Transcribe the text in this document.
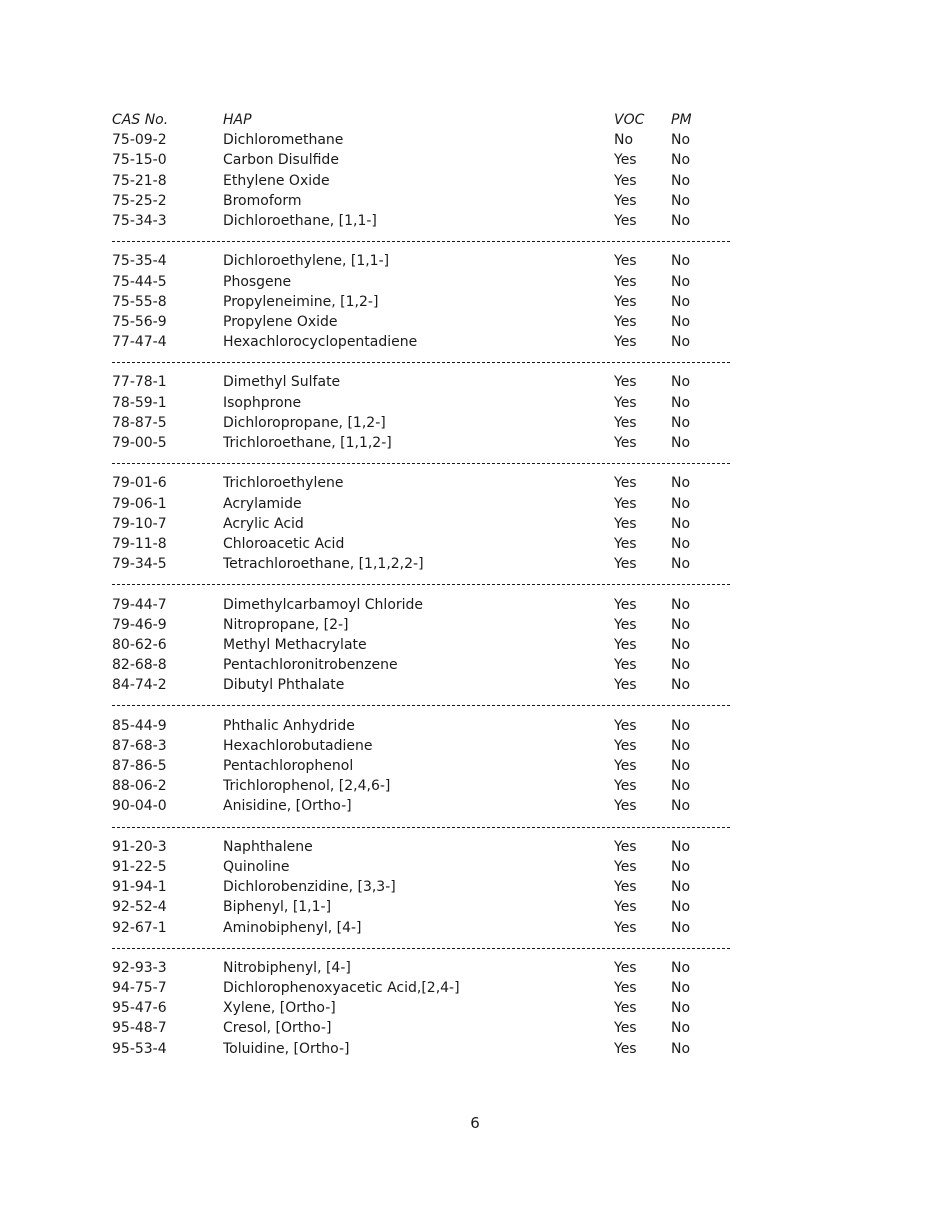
CAS No.	HAP	VOC PM
75-09-2	Dichloromethane	No	No
75-15-0	Carbon Disulfide	Yes No
75-21-8	Ethylene Oxide	Yes No
75-25-2	Bromoform	Yes No
75-34-3	Dichloroethane, [1,1-]	Yes No
75-35-4	Dichloroethylene, [1,1-]	Yes No
75-44-5	Phosgene	Yes No
75-55-8	Propyleneimine, [1,2-]	Yes No
75-56-9	Propylene Oxide	Yes No
77-47-4	Hexachlorocyclopentadiene	Yes No
77-78-1	Dimethyl Sulfate	Yes No
78-59-1	Isophprone	Yes No
78-87-5	Dichloropropane, [1,2-]	Yes No
79-00-5	Trichloroethane, [1,1,2-]	Yes No
79-01-6	Trichloroethylene	Yes No
79-06-1	Acrylamide	Yes No
79-10-7	Acrylic Acid	Yes No
79-11-8	Chloroacetic Acid	Yes No
79-34-5	Tetrachloroethane, [1,1,2,2-]	Yes No
79-44-7	Dimethylcarbamoyl Chloride	Yes No
79-46-9	Nitropropane, [2-]	Yes No
80-62-6	Methyl Methacrylate	Yes No
82-68-8	Pentachloronitrobenzene	Yes No
84-74-2	Dibutyl Phthalate	Yes No
85-44-9	Phthalic Anhydride	Yes No
87-68-3	Hexachlorobutadiene	Yes No
87-86-5	Pentachlorophenol	Yes No
88-06-2	Trichlorophenol, [2,4,6-]	Yes No
90-04-0	Anisidine, [Ortho-]	Yes No
91-20-3	Naphthalene	Yes No
91-22-5	Quinoline	Yes No
91-94-1	Dichlorobenzidine, [3,3-]	Yes No
92-52-4	Biphenyl, [1,1-]	Yes No
92-67-1	Aminobiphenyl, [4-]	Yes No
92-93-3	Nitrobiphenyl, [4-]	Yes No
94-75-7	Dichlorophenoxyacetic Acid,[2,4-]	Yes No
95-47-6	Xylene, [Ortho-]	Yes No
95-48-7	Cresol, [Ortho-]	Yes No
95-53-4	Toluidine, [Ortho-]	Yes No
6
